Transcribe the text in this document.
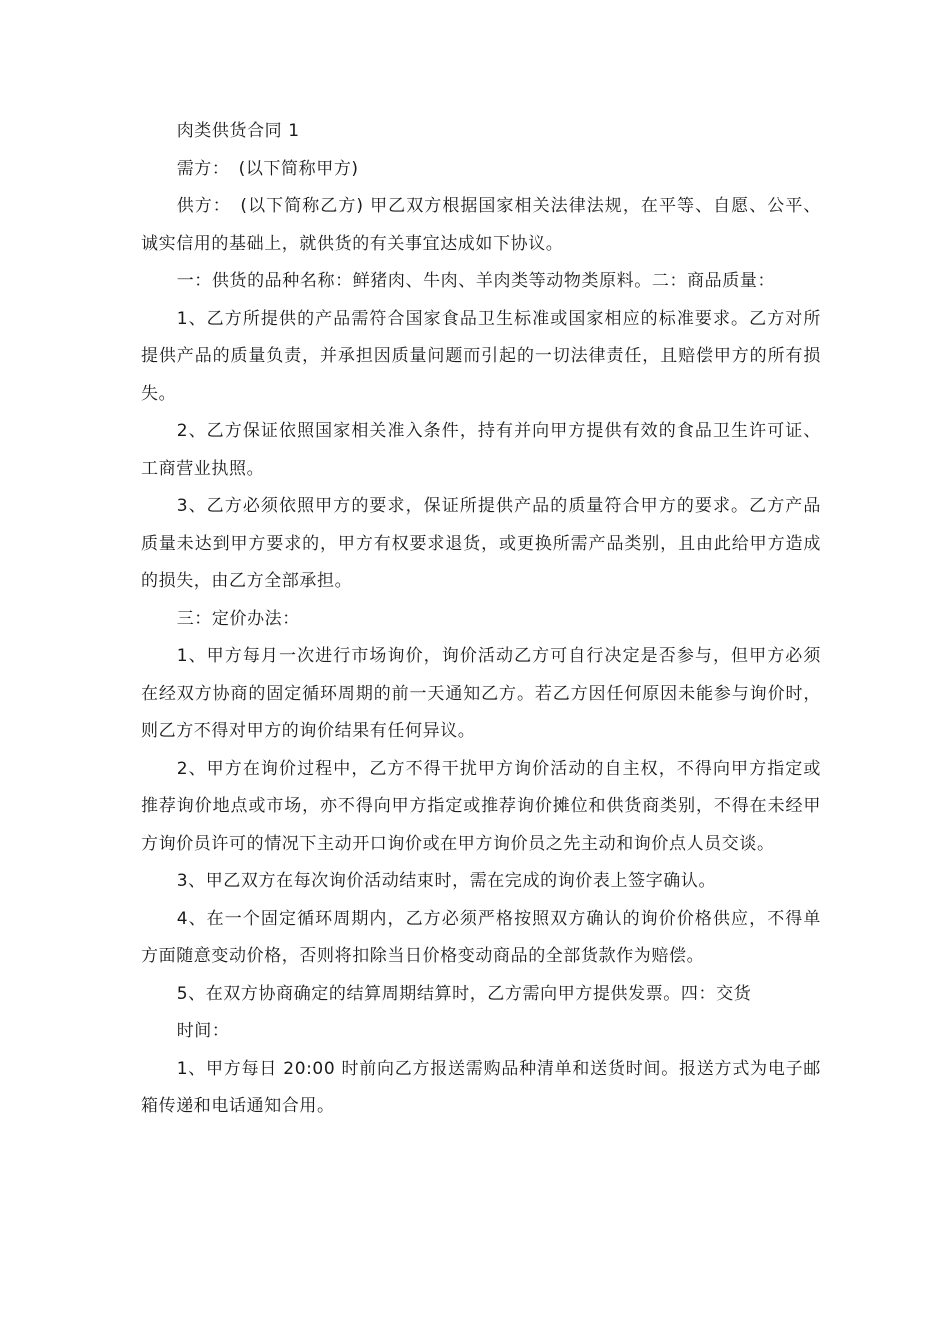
肉类供货合同 1

需方：　(以下简称甲方)

供方：　(以下简称乙方) 甲乙双方根据国家相关法律法规，在平等、自愿、公平、诚实信用的基础上，就供货的有关事宜达成如下协议。

一：供货的品种名称：鲜猪肉、牛肉、羊肉类等动物类原料。二：商品质量：

1、乙方所提供的产品需符合国家食品卫生标准或国家相应的标准要求。乙方对所提供产品的质量负责，并承担因质量问题而引起的一切法律责任，且赔偿甲方的所有损失。

2、乙方保证依照国家相关准入条件，持有并向甲方提供有效的食品卫生许可证、工商营业执照。

3、乙方必须依照甲方的要求，保证所提供产品的质量符合甲方的要求。乙方产品质量未达到甲方要求的，甲方有权要求退货，或更换所需产品类别，且由此给甲方造成的损失，由乙方全部承担。

三：定价办法：

1、甲方每月一次进行市场询价，询价活动乙方可自行决定是否参与，但甲方必须在经双方协商的固定循环周期的前一天通知乙方。若乙方因任何原因未能参与询价时，则乙方不得对甲方的询价结果有任何异议。

2、甲方在询价过程中，乙方不得干扰甲方询价活动的自主权，不得向甲方指定或推荐询价地点或市场，亦不得向甲方指定或推荐询价摊位和供货商类别，不得在未经甲方询价员许可的情况下主动开口询价或在甲方询价员之先主动和询价点人员交谈。

3、甲乙双方在每次询价活动结束时，需在完成的询价表上签字确认。

4、在一个固定循环周期内，乙方必须严格按照双方确认的询价价格供应，不得单方面随意变动价格，否则将扣除当日价格变动商品的全部货款作为赔偿。

5、在双方协商确定的结算周期结算时，乙方需向甲方提供发票。四：交货

时间：

1、甲方每日 20:00 时前向乙方报送需购品种清单和送货时间。报送方式为电子邮箱传递和电话通知合用。
